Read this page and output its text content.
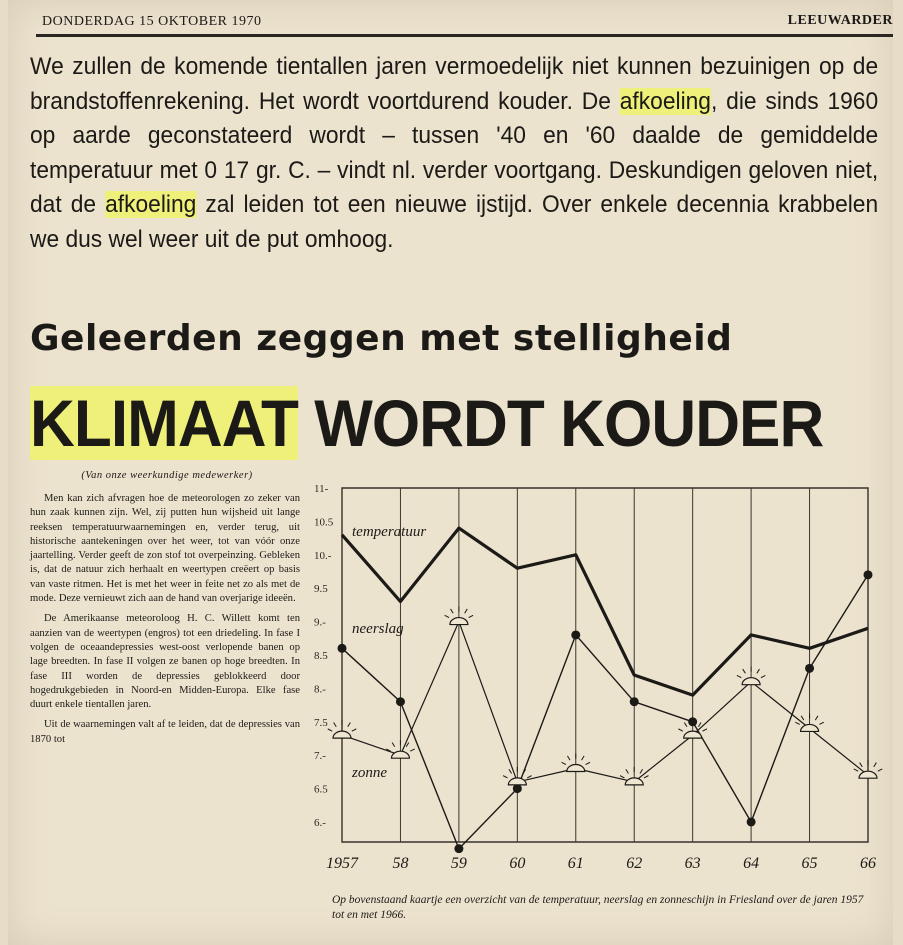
DONDERDAG 15 OKTOBER 1970	LEEUWARDER
We zullen de komende tientallen jaren vermoedelijk niet kunnen bezuinigen op de brandstoffenrekening. Het wordt voortdurend kouder. De afkoeling, die sinds 1960 op aarde geconstateerd wordt – tussen '40 en '60 daalde de gemiddelde temperatuur met 0 17 gr. C. – vindt nl. verder voortgang. Deskundigen geloven niet, dat de afkoeling zal leiden tot een nieuwe ijstijd. Over enkele decennia krabbelen we dus wel weer uit de put omhoog.
Geleerden zeggen met stelligheid
KLIMAAT WORDT KOUDER
(Van onze weerkundige medewerker)

Men kan zich afvragen hoe de meteorologen zo zeker van hun zaak kunnen zijn. Wel, zij putten hun wijsheid uit lange reeksen temperatuurwaarnemingen en, verder terug, uit historische aantekeningen over het weer, tot van vóór onze jaartelling. Verder geeft de zon stof tot overpeinzing. Gebleken is, dat de natuur zich herhaalt en weertypen creëert op basis van vaste ritmen. Het is met het weer in feite net zo als met de mode. Deze vernieuwt zich aan de hand van overjarige ideeën.

De Amerikaanse meteoroloog H. C. Willett komt ten aanzien van de weertypen (engros) tot een driedeling. In fase I volgen de oceaandepressies west-oost verlopende banen op lage breedten. In fase II volgen ze banen op hoge breedten. In fase III worden de depressies geblokkeerd door hogedrukgebieden in Noord-en Midden-Europa. Elke fase duurt enkele tientallen jaren.

Uit de waarnemingen valt af te leiden, dat de depressies van 1870 tot

11-
10.5
10.-
9.5
9.-
8.5
8.-
7.5
7.-
6.5
6.-
1957 58	59	60	61	62	63	64	65	66
temperatuur
neerslag
zonne
Op bovenstaand kaartje een overzicht van de temperatuur, neerslag en zonneschijn in Friesland over de jaren 1957 tot en met 1966.
